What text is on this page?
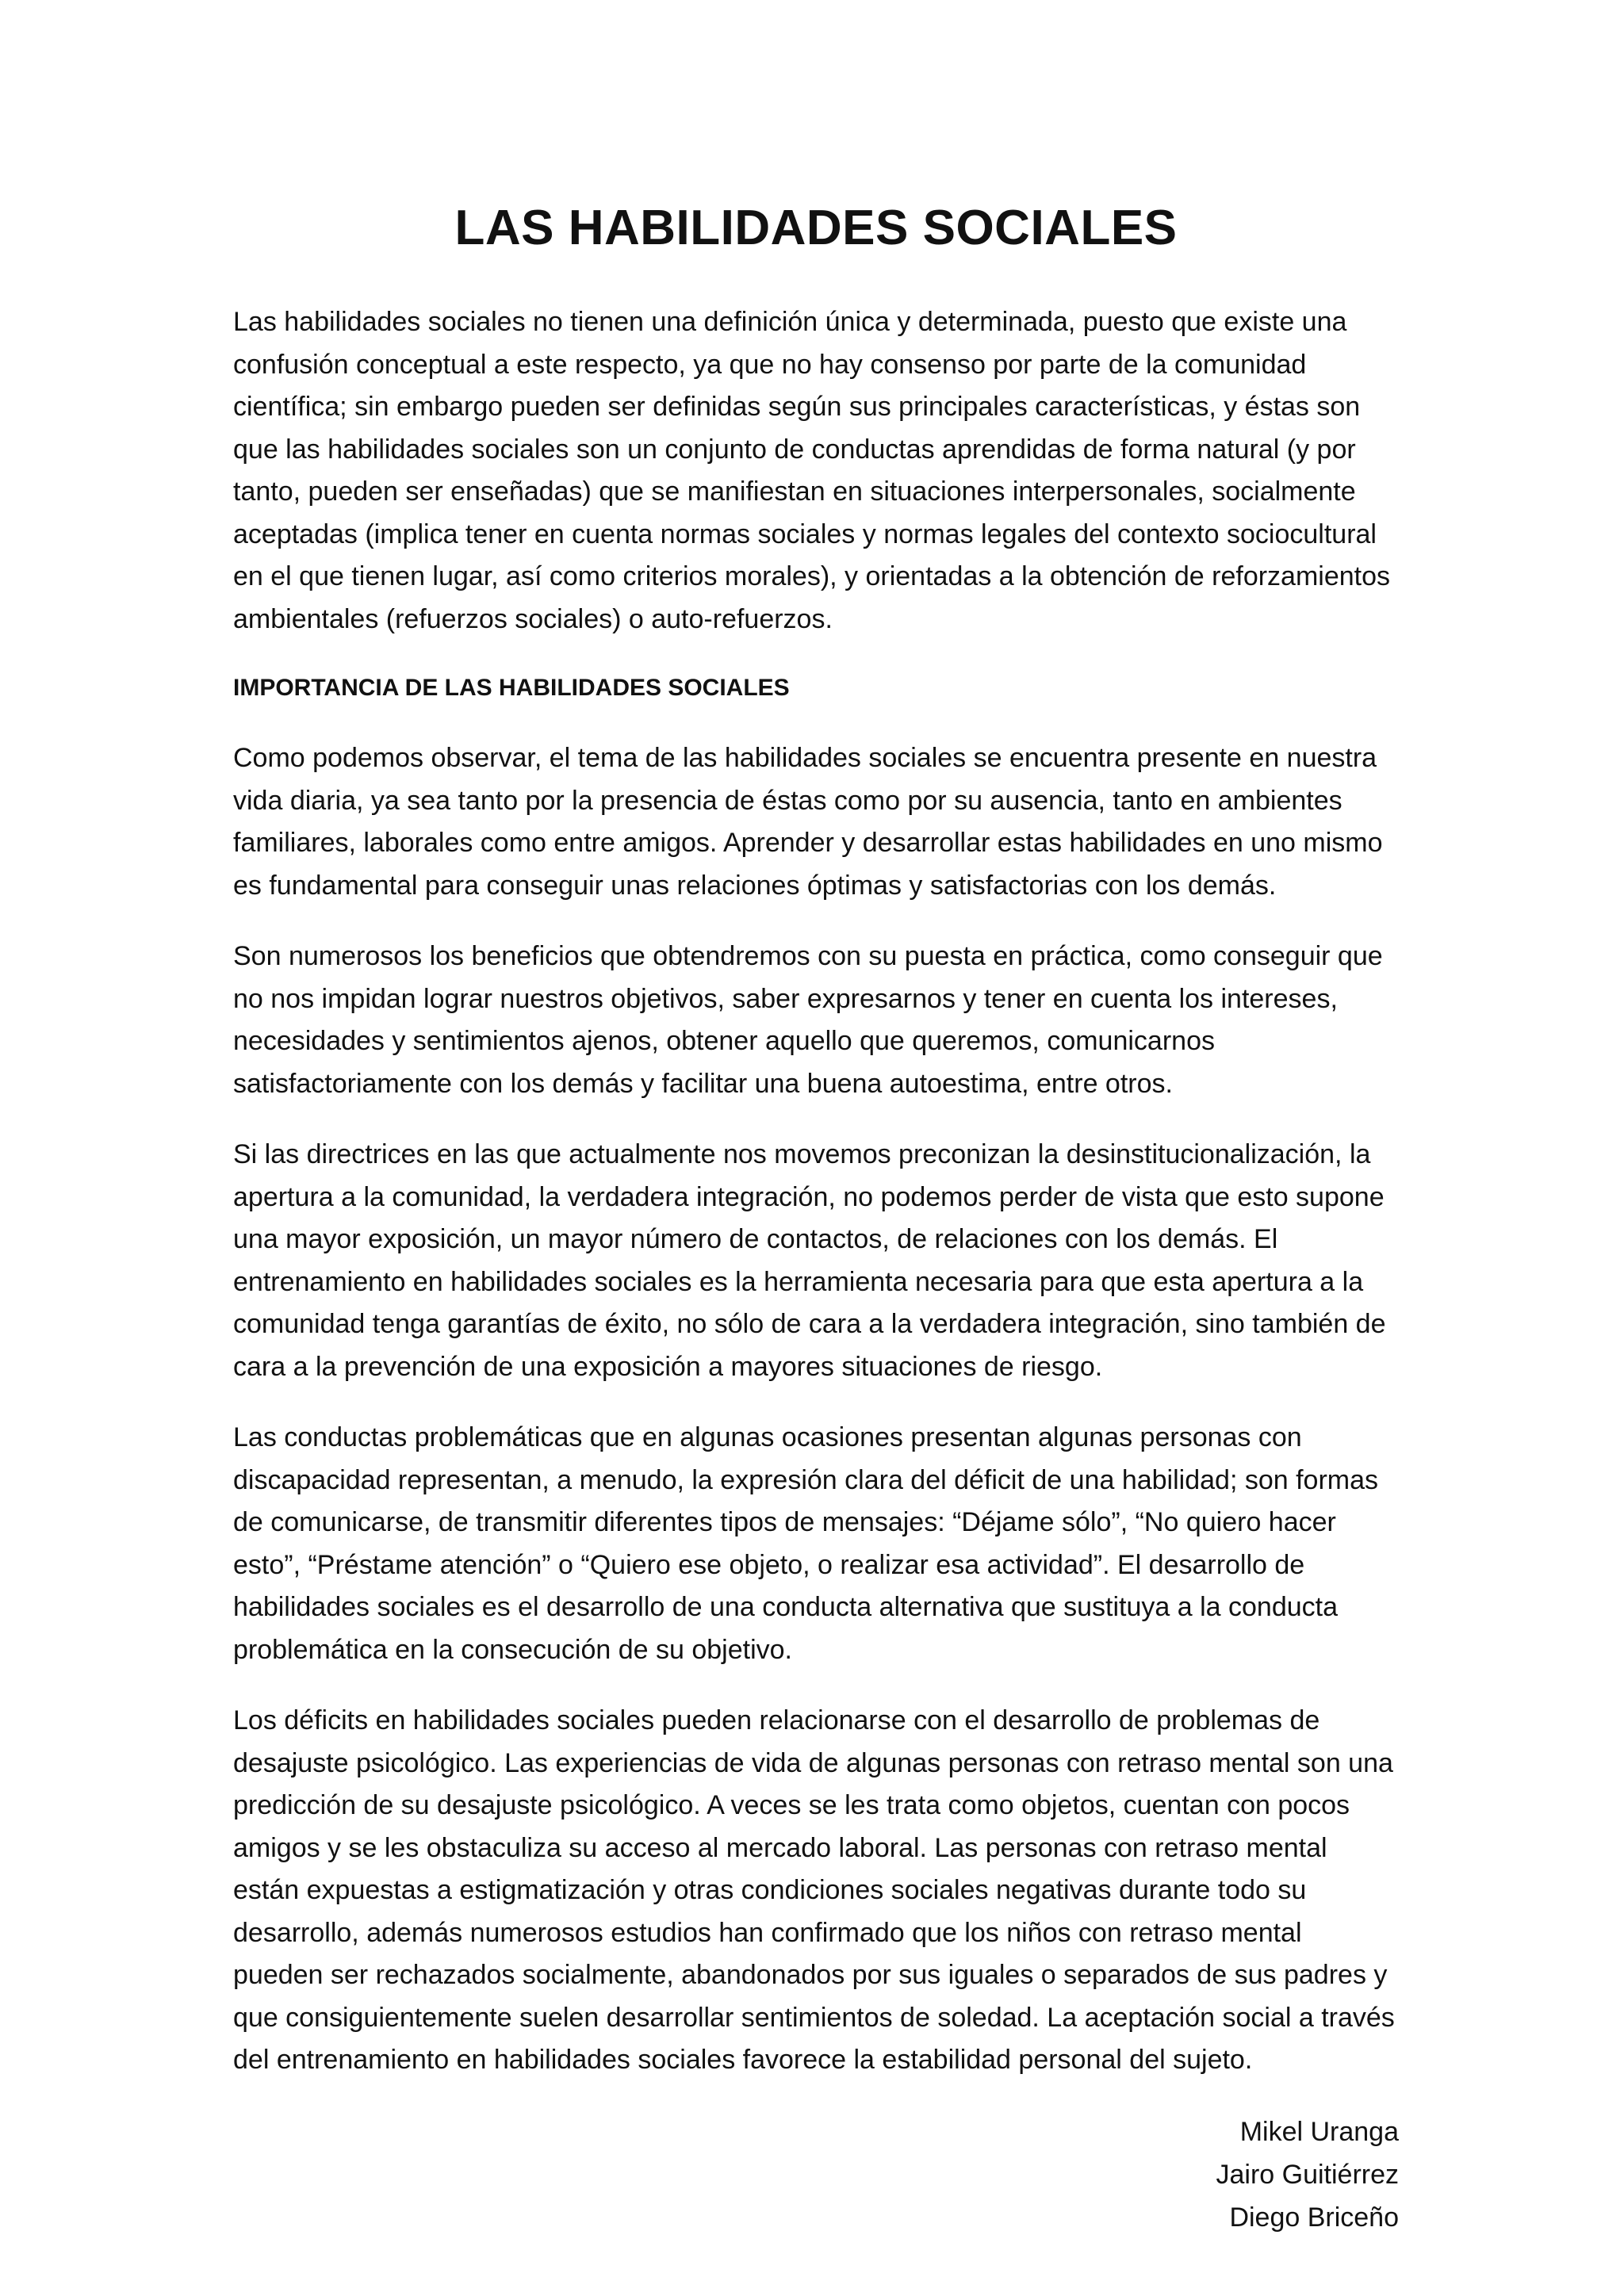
LAS HABILIDADES SOCIALES

Las habilidades sociales no tienen una definición única y determinada, puesto que existe una confusión conceptual a este respecto, ya que no hay consenso por parte de la comunidad científica; sin embargo pueden ser definidas según sus principales características, y éstas son que las habilidades sociales son un conjunto de conductas aprendidas de forma natural (y por tanto, pueden ser enseñadas) que se manifiestan en situaciones interpersonales, socialmente aceptadas (implica tener en cuenta normas sociales y normas legales del contexto sociocultural en el que tienen lugar, así como criterios morales), y orientadas a la obtención de reforzamientos ambientales (refuerzos sociales) o auto-refuerzos.

IMPORTANCIA DE LAS HABILIDADES SOCIALES

Como podemos observar, el tema de las habilidades sociales se encuentra presente en nuestra vida diaria, ya sea tanto por la presencia de éstas como por su ausencia, tanto en ambientes familiares, laborales como entre amigos. Aprender y desarrollar estas habilidades en uno mismo es fundamental para conseguir unas relaciones óptimas y satisfactorias con los demás.

Son numerosos los beneficios que obtendremos con su puesta en práctica, como conseguir que no nos impidan lograr nuestros objetivos, saber expresarnos y tener en cuenta los intereses, necesidades y sentimientos ajenos, obtener aquello que queremos, comunicarnos satisfactoriamente con los demás y facilitar una buena autoestima, entre otros.

Si las directrices en las que actualmente nos movemos preconizan la desinstitucionalización, la apertura a la comunidad, la verdadera integración, no podemos perder de vista que esto supone una mayor exposición, un mayor número de contactos, de relaciones con los demás. El entrenamiento en habilidades sociales es la herramienta necesaria para que esta apertura a la comunidad tenga garantías de éxito, no sólo de cara a la verdadera integración, sino también de cara a la prevención de una exposición a mayores situaciones de riesgo.

Las conductas problemáticas que en algunas ocasiones presentan algunas personas con discapacidad representan, a menudo, la expresión clara del déficit de una habilidad; son formas de comunicarse, de transmitir diferentes tipos de mensajes: “Déjame sólo”, “No quiero hacer esto”, “Préstame atención” o “Quiero ese objeto, o realizar esa actividad”. El desarrollo de habilidades sociales es el desarrollo de una conducta alternativa que sustituya a la conducta problemática en la consecución de su objetivo.

Los déficits en habilidades sociales pueden relacionarse con el desarrollo de problemas de desajuste psicológico. Las experiencias de vida de algunas personas con retraso mental son una predicción de su desajuste psicológico. A veces se les trata como objetos, cuentan con pocos amigos y se les obstaculiza su acceso al mercado laboral. Las personas con retraso mental están expuestas a estigmatización y otras condiciones sociales negativas durante todo su desarrollo, además numerosos estudios han confirmado que los niños con retraso mental pueden ser rechazados socialmente, abandonados por sus iguales o separados de sus padres y que consiguientemente suelen desarrollar sentimientos de soledad. La aceptación social a través del entrenamiento en habilidades sociales favorece la estabilidad personal del sujeto.

Mikel Uranga
Jairo Guitiérrez
Diego Briceño
